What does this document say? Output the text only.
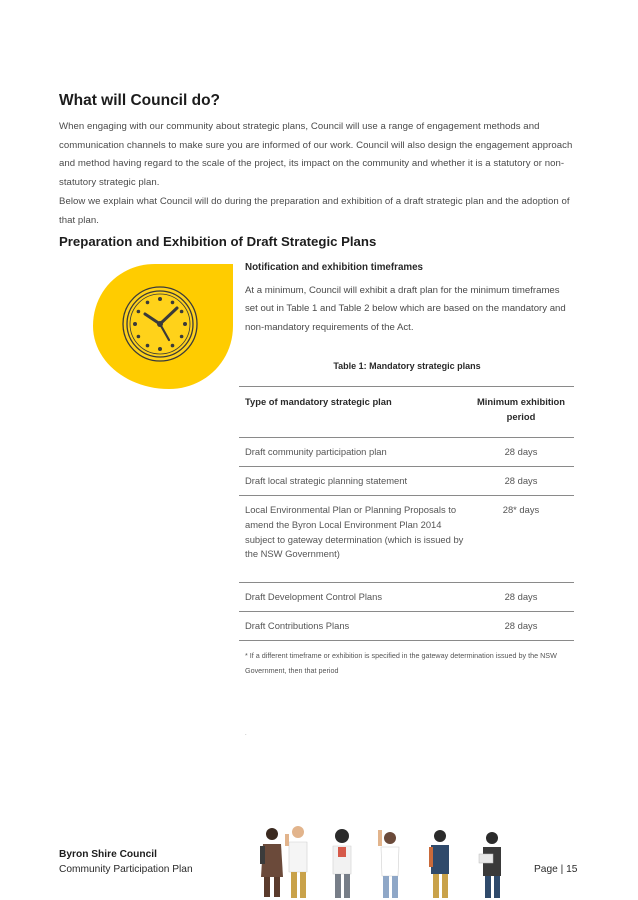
What will Council do?

When engaging with our community about strategic plans, Council will use a range of engagement methods and communication channels to make sure you are informed of our work. Council will also design the engagement approach and method having regard to the scale of the project, its impact on the community and whether it is a statutory or non-statutory strategic plan.

Below we explain what Council will do during the preparation and exhibition of a draft strategic plan and the adoption of that plan.

Preparation and Exhibition of Draft Strategic Plans
Notification and exhibition timeframes

At a minimum, Council will exhibit a draft plan for the minimum timeframes set out in Table 1 and Table 2 below which are based on the mandatory and non-mandatory requirements of the Act.

Table 1: Mandatory strategic plans
Type of mandatory strategic plan	Minimum exhibition period
Draft community participation plan	28 days
Draft local strategic planning statement	28 days
Local Environmental Plan or Planning Proposals to amend the Byron Local Environment Plan 2014 subject to gateway determination (which is issued by the NSW Government)	28* days
Draft Development Control Plans	28 days
Draft Contributions Plans	28 days

* If a different timeframe or exhibition is specified in the gateway determination issued by the NSW Government, then that period

.
Byron Shire Council
Community Participation Plan	Page | 15
